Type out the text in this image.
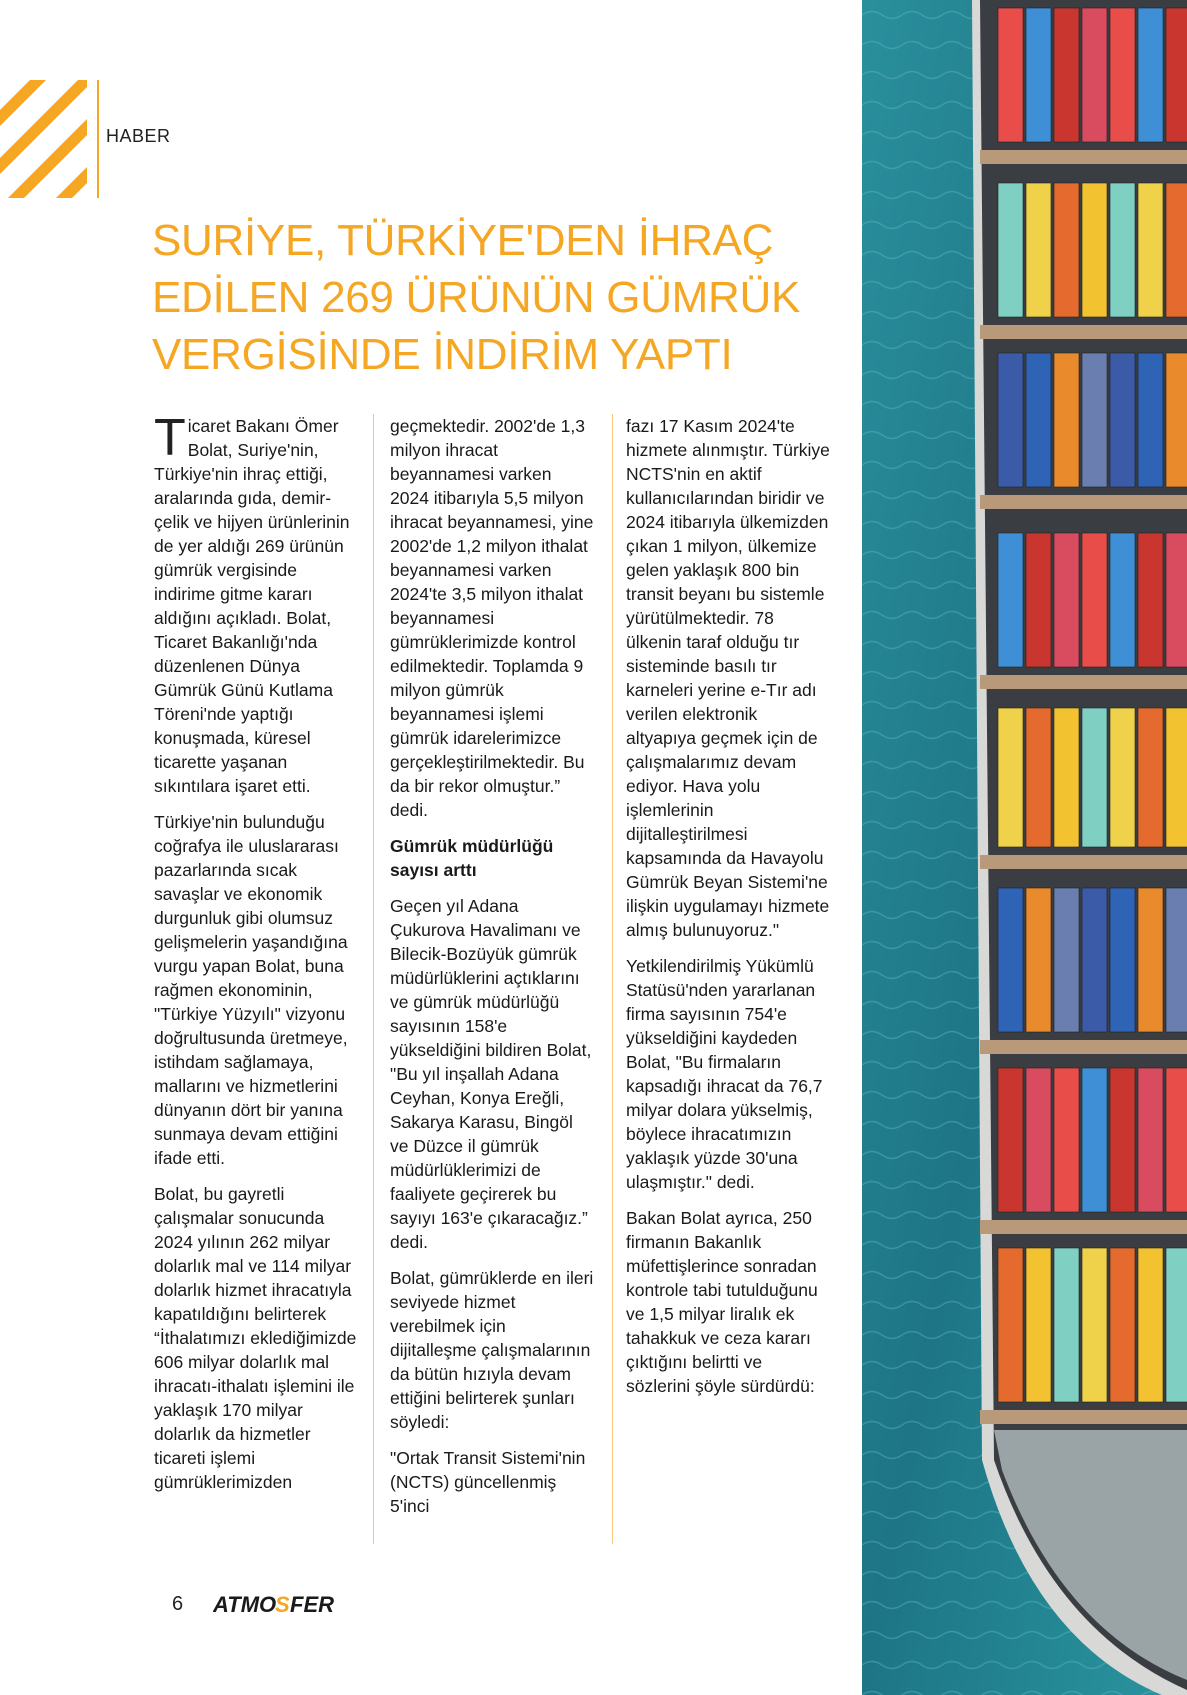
HABER
SURİYE, TÜRKİYE'DEN İHRAÇ
EDİLEN 269 ÜRÜNÜN GÜMRÜK
VERGİSİNDE İNDİRİM YAPTI

Ticaret Bakanı Ömer Bolat, Suriye'nin, Türkiye'nin ihraç ettiği, aralarında gıda, demir-çelik ve hijyen ürünlerinin de yer aldığı 269 ürünün gümrük vergisinde indirime gitme kararı aldığını açıkladı. Bolat, Ticaret Bakanlığı'nda düzenlenen Dünya Gümrük Günü Kutlama Töreni'nde yaptığı konuşmada, küresel ticarette yaşanan sıkıntılara işaret etti.

Türkiye'nin bulunduğu coğrafya ile uluslararası pazarlarında sıcak savaşlar ve ekonomik durgunluk gibi olumsuz gelişmelerin yaşandığına vurgu yapan Bolat, buna rağmen ekonominin, "Türkiye Yüzyılı" vizyonu doğrultusunda üretmeye, istihdam sağlamaya, mallarını ve hizmetlerini dünyanın dört bir yanına sunmaya devam ettiğini ifade etti.

Bolat, bu gayretli çalışmalar sonucunda 2024 yılının 262 milyar dolarlık mal ve 114 milyar dolarlık hizmet ihracatıyla kapatıldığını belirterek “İthalatımızı eklediğimizde 606 milyar dolarlık mal ihracatı-ithalatı işlemini ile yaklaşık 170 milyar dolarlık da hizmetler ticareti işlemi gümrüklerimizden

geçmektedir. 2002'de 1,3 milyon ihracat beyannamesi varken 2024 itibarıyla 5,5 milyon ihracat beyannamesi, yine 2002'de 1,2 milyon ithalat beyannamesi varken 2024'te 3,5 milyon ithalat beyannamesi gümrüklerimizde kontrol edilmektedir. Toplamda 9 milyon gümrük beyannamesi işlemi gümrük idarelerimizce gerçekleştirilmektedir. Bu da bir rekor olmuştur.” dedi.

Gümrük müdürlüğü sayısı arttı

Geçen yıl Adana Çukurova Havalimanı ve Bilecik-Bozüyük gümrük müdürlüklerini açtıklarını ve gümrük müdürlüğü sayısının 158'e yükseldiğini bildiren Bolat, "Bu yıl inşallah Adana Ceyhan, Konya Ereğli, Sakarya Karasu, Bingöl ve Düzce il gümrük müdürlüklerimizi de faaliyete geçirerek bu sayıyı 163'e çıkaracağız.” dedi.

Bolat, gümrüklerde en ileri seviyede hizmet verebilmek için dijitalleşme çalışmalarının da bütün hızıyla devam ettiğini belirterek şunları söyledi:

"Ortak Transit Sistemi'nin (NCTS) güncellenmiş 5'inci

fazı 17 Kasım 2024'te hizmete alınmıştır. Türkiye NCTS'nin en aktif kullanıcılarından biridir ve 2024 itibarıyla ülkemizden çıkan 1 milyon, ülkemize gelen yaklaşık 800 bin transit beyanı bu sistemle yürütülmektedir. 78 ülkenin taraf olduğu tır sisteminde basılı tır karneleri yerine e-Tır adı verilen elektronik altyapıya geçmek için de çalışmalarımız devam ediyor. Hava yolu işlemlerinin dijitalleştirilmesi kapsamında da Havayolu Gümrük Beyan Sistemi'ne ilişkin uygulamayı hizmete almış bulunuyoruz."

Yetkilendirilmiş Yükümlü Statüsü'nden yararlanan firma sayısının 754'e yükseldiğini kaydeden Bolat, "Bu firmaların kapsadığı ihracat da 76,7 milyar dolara yükselmiş, böylece ihracatımızın yaklaşık yüzde 30'una ulaşmıştır." dedi.

Bakan Bolat ayrıca, 250 firmanın Bakanlık müfettişlerince sonradan kontrole tabi tutulduğunu ve 1,5 milyar liralık ek tahakkuk ve ceza kararı çıktığını belirtti ve sözlerini şöyle sürdürdü:

6 ATMO
S FER
